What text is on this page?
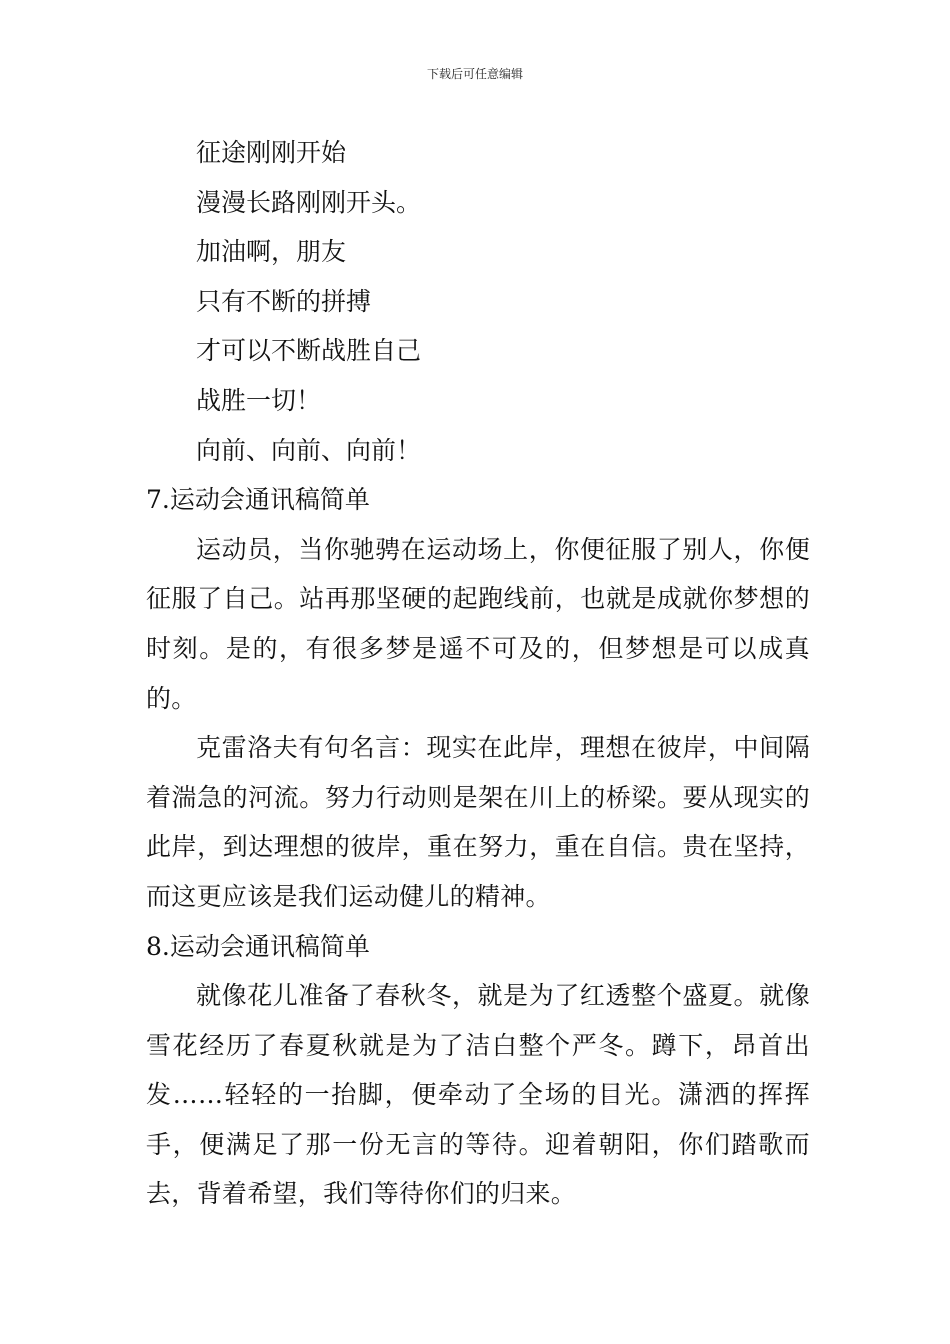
下载后可任意编辑
征途刚刚开始
漫漫长路刚刚开头。
加油啊，朋友
只有不断的拼搏
才可以不断战胜自己
战胜一切！
向前、向前、向前！
7.运动会通讯稿简单

运动员，当你驰骋在运动场上，你便征服了别人，你便征服了自己。站再那坚硬的起跑线前，也就是成就你梦想的时刻。是的，有很多梦是遥不可及的，但梦想是可以成真的。

克雷洛夫有句名言：现实在此岸，理想在彼岸，中间隔着湍急的河流。努力行动则是架在川上的桥梁。要从现实的此岸，到达理想的彼岸，重在努力，重在自信。贵在坚持，而这更应该是我们运动健儿的精神。

8.运动会通讯稿简单

就像花儿准备了春秋冬，就是为了红透整个盛夏。就像雪花经历了春夏秋就是为了洁白整个严冬。蹲下，昂首出发……轻轻的一抬脚，便牵动了全场的目光。潇洒的挥挥手，便满足了那一份无言的等待。迎着朝阳，你们踏歌而去，背着希望，我们等待你们的归来。
